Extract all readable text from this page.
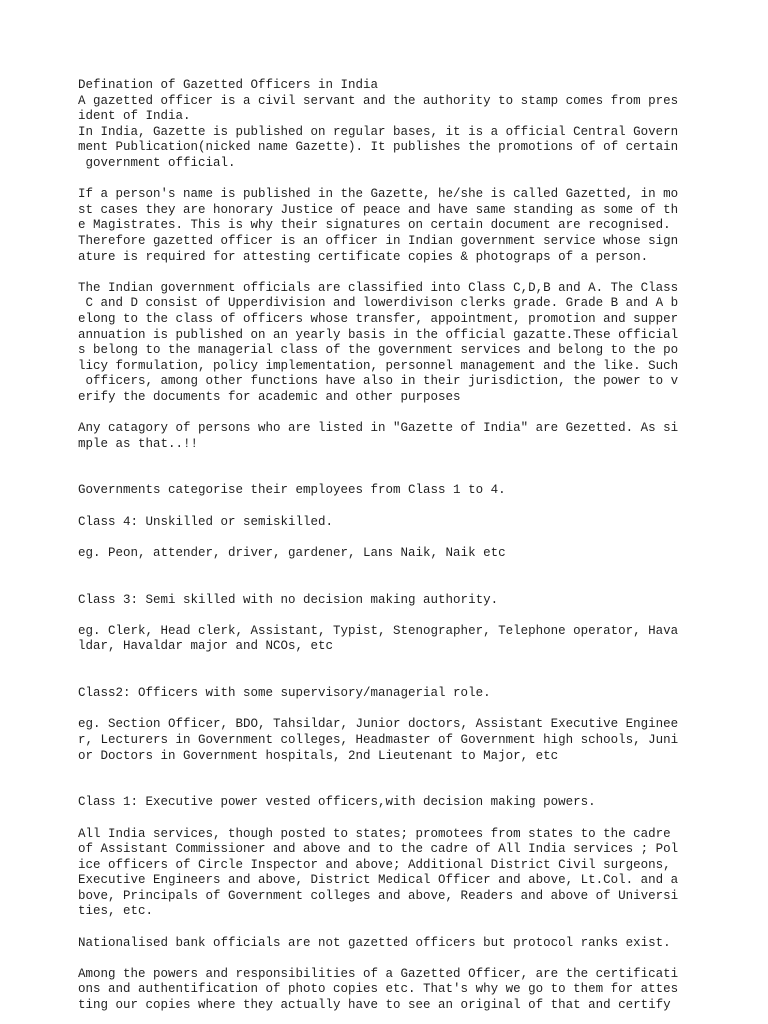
Defination of Gazetted Officers in India
A gazetted officer is a civil servant and the authority to stamp comes from pres
ident of India.
In India, Gazette is published on regular bases, it is a official Central Govern
ment Publication(nicked name Gazette). It publishes the promotions of of certain
government official.
If a person's name is published in the Gazette, he/she is called Gazetted, in mo
st cases they are honorary Justice of peace and have same standing as some of th
e Magistrates. This is why their signatures on certain document are recognised.
Therefore gazetted officer is an officer in Indian government service whose sign
ature is required for attesting certificate copies & photograps of a person.
The Indian government officials are classified into Class C,D,B and A. The Class
C and D consist of Upperdivision and lowerdivison clerks grade. Grade B and A b
elong to the class of officers whose transfer, appointment, promotion and supper
annuation is published on an yearly basis in the official gazatte.These official
s belong to the managerial class of the government services and belong to the po
licy formulation, policy implementation, personnel management and the like. Such
officers, among other functions have also in their jurisdiction, the power to v
erify the documents for academic and other purposes
Any catagory of persons who are listed in "Gazette of India" are Gezetted. As si
mple as that..!!
Governments categorise their employees from Class 1 to 4.
Class 4: Unskilled or semiskilled.
eg. Peon, attender, driver, gardener, Lans Naik, Naik etc
Class 3: Semi skilled with no decision making authority.
eg. Clerk, Head clerk, Assistant, Typist, Stenographer, Telephone operator, Hava
ldar, Havaldar major and NCOs, etc
Class2: Officers with some supervisory/managerial role.
eg. Section Officer, BDO, Tahsildar, Junior doctors, Assistant Executive Enginee
r, Lecturers in Government colleges, Headmaster of Government high schools, Juni
or Doctors in Government hospitals, 2nd Lieutenant to Major, etc
Class 1: Executive power vested officers,with decision making powers.
All India services, though posted to states; promotees from states to the cadre
of Assistant Commissioner and above and to the cadre of All India services ; Pol
ice officers of Circle Inspector and above; Additional District Civil surgeons,
Executive Engineers and above, District Medical Officer and above, Lt.Col. and a
bove, Principals of Government colleges and above, Readers and above of Universi
ties, etc.
Nationalised bank officials are not gazetted officers but protocol ranks exist.
Among the powers and responsibilities of a Gazetted Officer, are the certificati
ons and authentification of photo copies etc. That's why we go to them for attes
ting our copies where they actually have to see an original of that and certify
